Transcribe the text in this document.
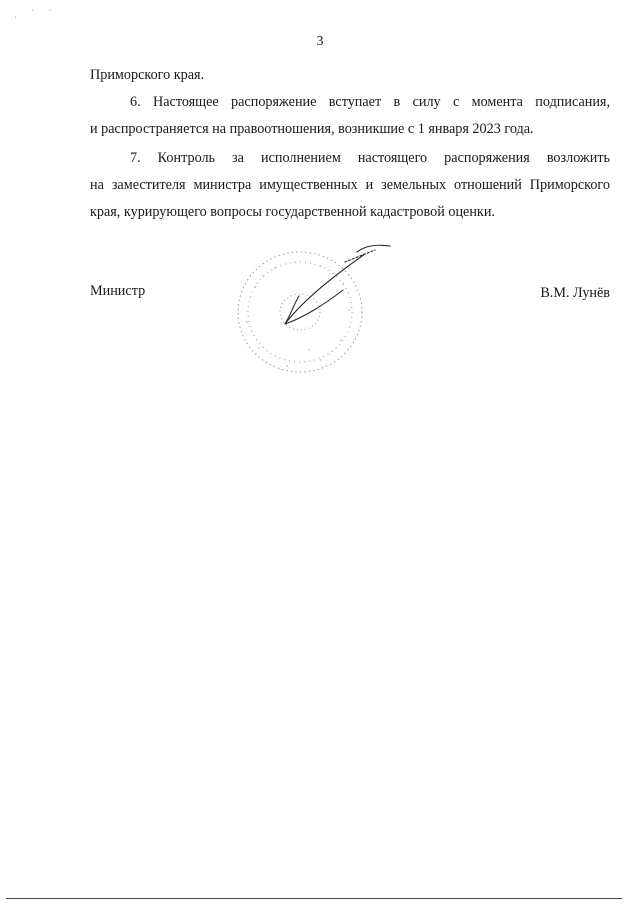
ˌ ˈ ˈ
3
Приморского края.
6. Настоящее распоряжение вступает в силу с момента подписания,
и распространяется на правоотношения, возникшие с 1 января 2023 года.
7. Контроль за исполнением настоящего распоряжения возложить
на заместителя министра имущественных и земельных отношений Приморского
края, курирующего вопросы государственной кадастровой оценки.
Министр	В.М. Лунёв
